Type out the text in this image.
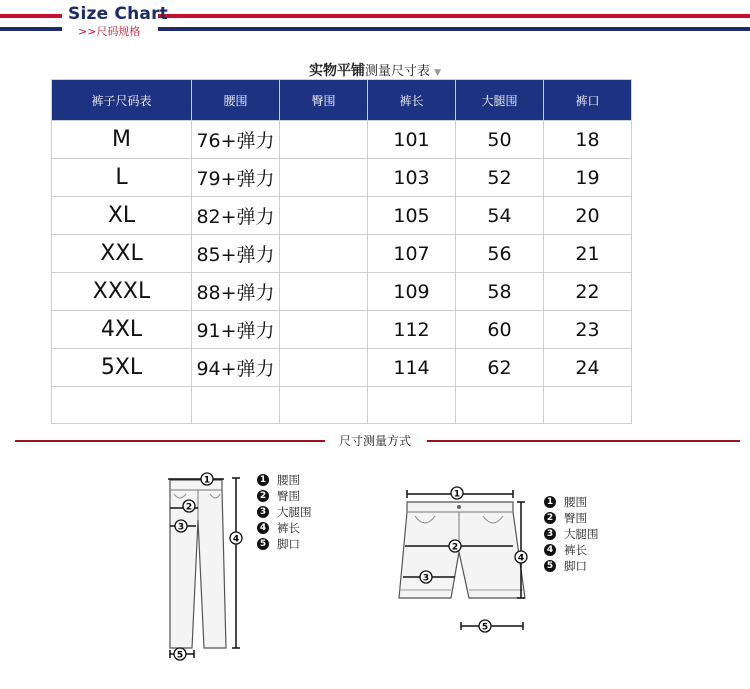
Size Chart
>>尺码规格
实物平铺测量尺寸表 ▼
裤子尺码表	腰围	臀围	裤长	大腿围	裤口
M	76+弹力		101	50	18
L	79+弹力		103	52	19
XL	82+弹力		105	54	20
XXL	85+弹力		107	56	21
XXXL	88+弹力		109	58	22
4XL	91+弹力		112	60	23
5XL	94+弹力		114	62	24

尺寸测量方式
1
2
3
4
5
1 腰围
2 臀围
3 大腿围
4 裤长
5 脚口
1
2
3
4
5
1 腰围
2 臀围
3 大腿围
4 裤长
5 脚口
